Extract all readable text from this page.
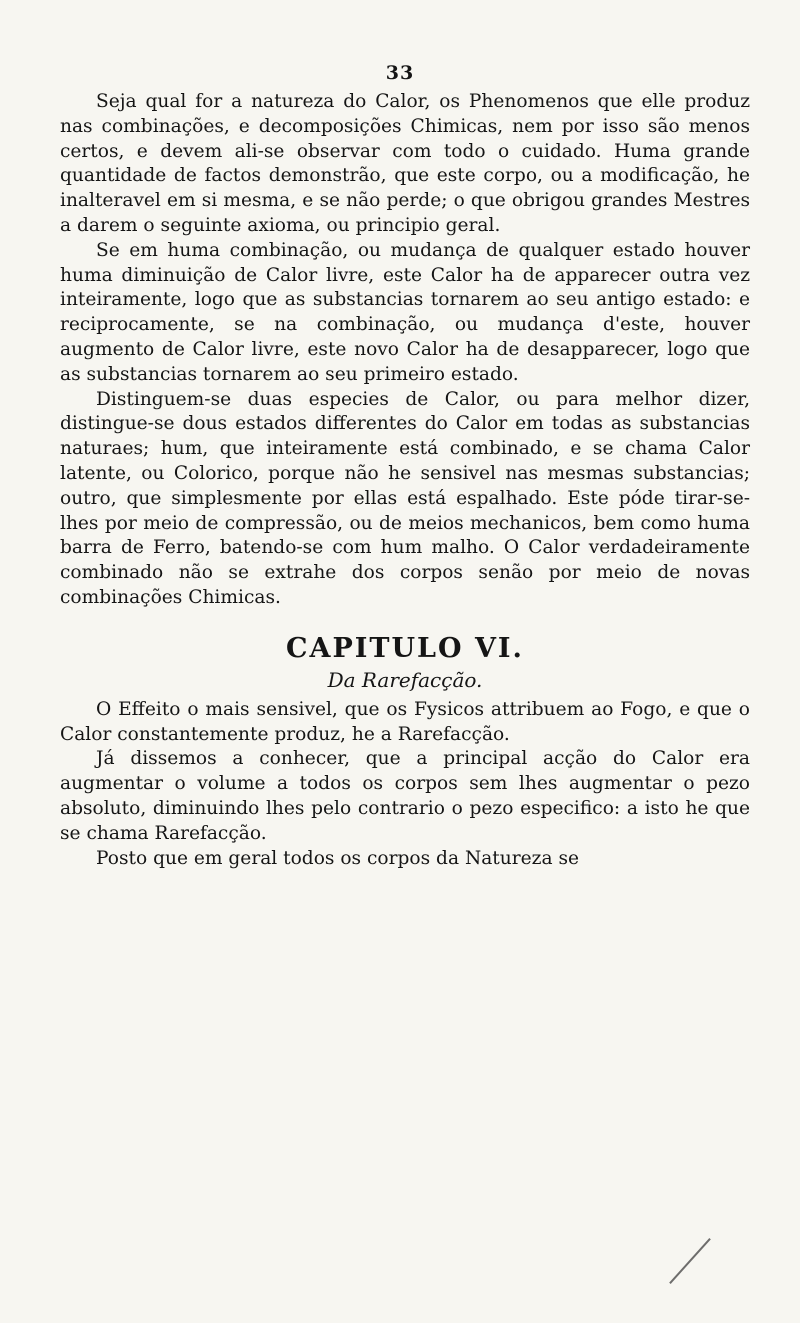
33

Seja qual for a natureza do Calor, os Phenomenos que elle produz nas combinações, e decomposições Chimicas, nem por isso são menos certos, e devem ali-se observar com todo o cuidado. Huma grande quantidade de factos demonstrão, que este corpo, ou a modificação, he inalteravel em si mesma, e se não perde; o que obrigou grandes Mestres a darem o seguinte axioma, ou principio geral.

Se em huma combinação, ou mudança de qualquer estado houver huma diminuição de Calor livre, este Calor ha de apparecer outra vez inteiramente, logo que as substancias tornarem ao seu antigo estado: e reciprocamente, se na combinação, ou mudança d'este, houver augmento de Calor livre, este novo Calor ha de desapparecer, logo que as substancias tornarem ao seu primeiro estado.

Distinguem-se duas especies de Calor, ou para melhor dizer, distingue-se dous estados differentes do Calor em todas as substancias naturaes; hum, que inteiramente está combinado, e se chama Calor latente, ou Colorico, porque não he sensivel nas mesmas substancias; outro, que simplesmente por ellas está espalhado. Este póde tirar-se-lhes por meio de compressão, ou de meios mechanicos, bem como huma barra de Ferro, batendo-se com hum malho. O Calor verdadeiramente combinado não se extrahe dos corpos senão por meio de novas combinações Chimicas.

CAPITULO VI.
Da Rarefacção.

O Effeito o mais sensivel, que os Fysicos attribuem ao Fogo, e que o Calor constantemente produz, he a Rarefacção.

Já dissemos a conhecer, que a principal acção do Calor era augmentar o volume a todos os corpos sem lhes augmentar o pezo absoluto, diminuindo lhes pelo contrario o pezo especifico: a isto he que se chama Rarefacção.

Posto que em geral todos os corpos da Natureza se
